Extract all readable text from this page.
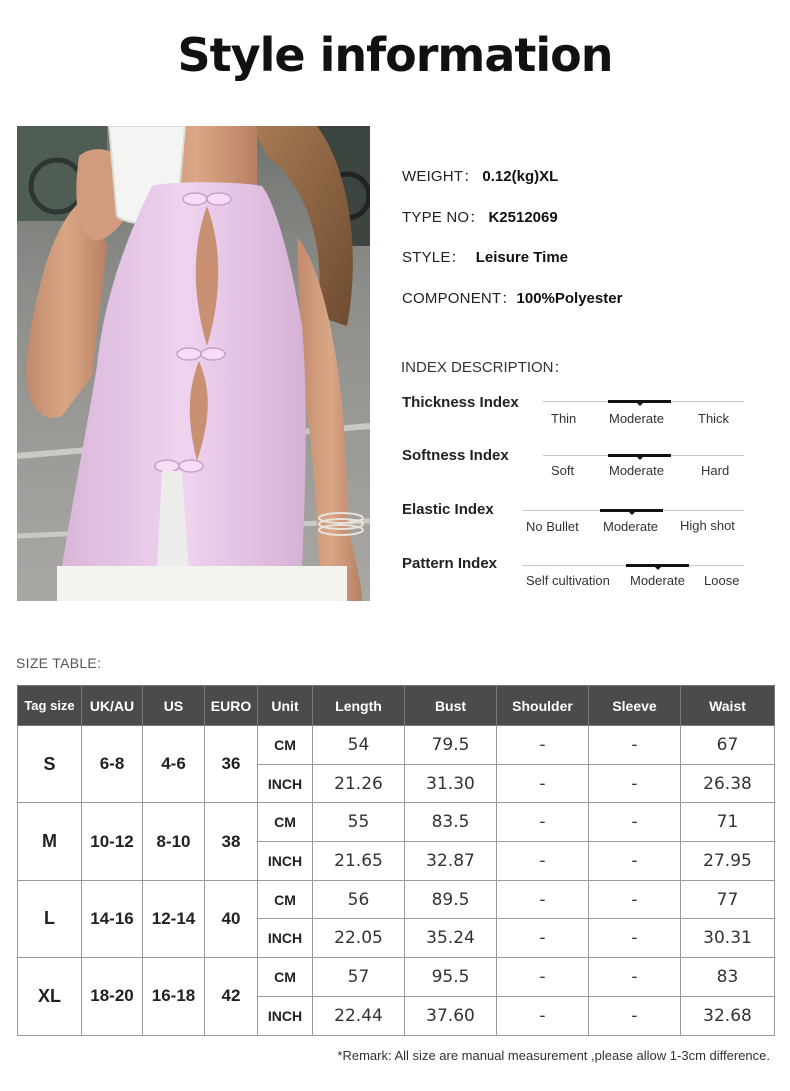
Style information
WEIGHT： 0.12(kg)XL
TYPE NO： K2512069
STYLE： Leisure Time
COMPONENT：100%Polyester
INDEX DESCRIPTION：
Thickness Index
Thin	Moderate	Thick
Softness Index
Soft	Moderate	Hard
Elastic Index
No Bullet Moderate High shot
Pattern Index
Self cultivation Moderate Loose
SIZE TABLE:
Tag size	UK/AU	US	EURO	Unit	Length	Bust	Shoulder	Sleeve	Waist
S	6-8	4-6	36	CM	54	79.5	-	-	67
				INCH	21.26	31.30	-	-	26.38
M	10-12	8-10	38	CM	55	83.5	-	-	71
				INCH	21.65	32.87	-	-	27.95
L	14-16	12-14	40	CM	56	89.5	-	-	77
				INCH	22.05	35.24	-	-	30.31
XL	18-20	16-18	42	CM	57	95.5	-	-	83
				INCH	22.44	37.60	-	-	32.68
*Remark: All size are manual measurement ,please allow 1-3cm difference.
